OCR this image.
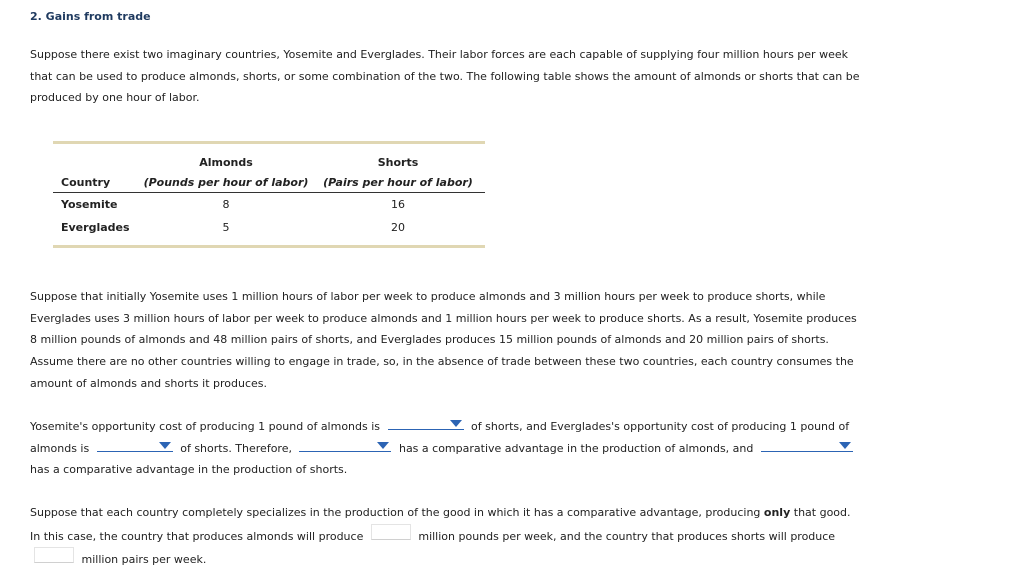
2. Gains from trade

Suppose there exist two imaginary countries, Yosemite and Everglades. Their labor forces are each capable of supplying four million hours per week that can be used to produce almonds, shorts, or some combination of the two. The following table shows the amount of almonds or shorts that can be produced by one hour of labor.

	Almonds	Shorts
Country	(Pounds per hour of labor)	(Pairs per hour of labor)
Yosemite	8	16
Everglades	5	20

Suppose that initially Yosemite uses 1 million hours of labor per week to produce almonds and 3 million hours per week to produce shorts, while Everglades uses 3 million hours of labor per week to produce almonds and 1 million hours per week to produce shorts. As a result, Yosemite produces 8 million pounds of almonds and 48 million pairs of shorts, and Everglades produces 15 million pounds of almonds and 20 million pairs of shorts. Assume there are no other countries willing to engage in trade, so, in the absence of trade between these two countries, each country consumes the amount of almonds and shorts it produces.

Yosemite's opportunity cost of producing 1 pound of almonds is	of shorts, and Everglades's opportunity cost of producing 1 pound of almonds is	of shorts. Therefore,	has a comparative advantage in the production of almonds, and
has a comparative advantage in the production of shorts.

Suppose that each country completely specializes in the production of the good in which it has a comparative advantage, producing only that good. In this case, the country that produces almonds will produce	million pounds per week, and the country that produces shorts will produce  million pairs per week.
